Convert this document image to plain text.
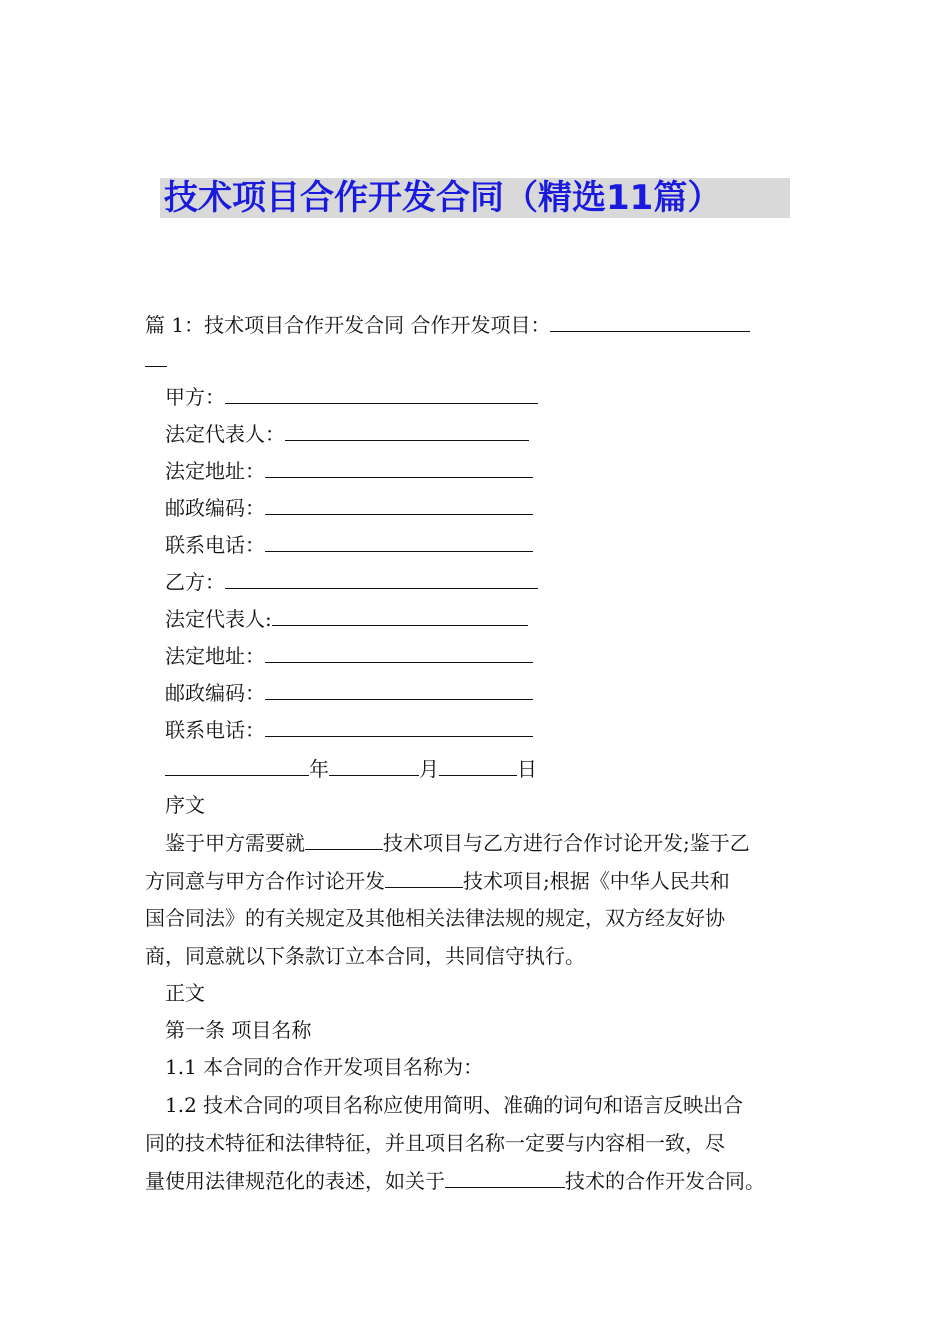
技术项目合作开发合同（精选11篇）
篇 1：技术项目合作开发合同 合作开发项目：
甲方：
法定代表人：
法定地址：
邮政编码：
联系电话：
乙方：
法定代表人:
法定地址：
邮政编码：
联系电话：
年	月	日
序文
鉴于甲方需要就	技术项目与乙方进行合作讨论开发;鉴于乙
方同意与甲方合作讨论开发	技术项目;根据《中华人民共和
国合同法》的有关规定及其他相关法律法规的规定，双方经友好协
商，同意就以下条款订立本合同，共同信守执行。
正文
第一条 项目名称
1.1 本合同的合作开发项目名称为：
1.2 技术合同的项目名称应使用简明、准确的词句和语言反映出合
同的技术特征和法律特征，并且项目名称一定要与内容相一致，尽
量使用法律规范化的表述，如关于	技术的合作开发合同。
